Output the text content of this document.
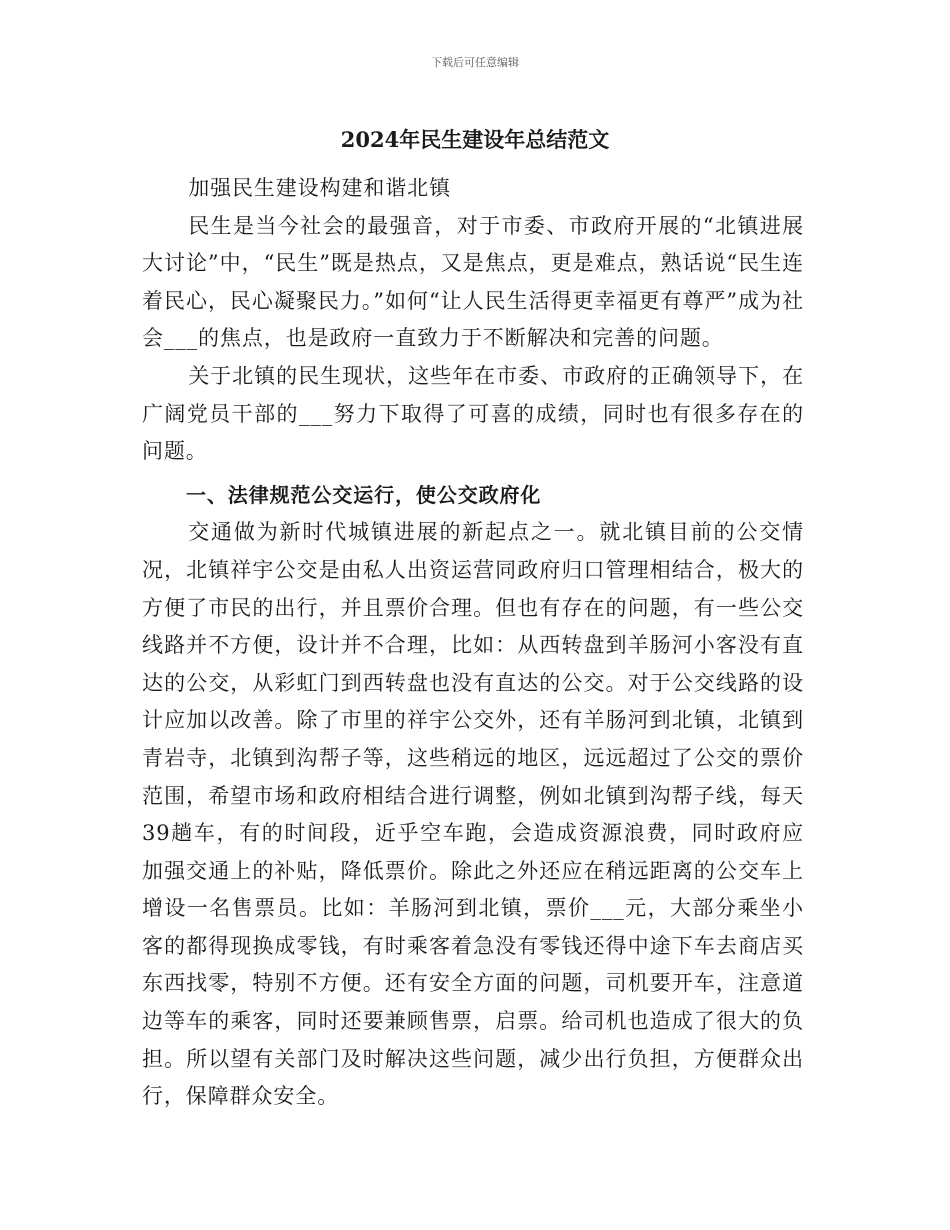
下载后可任意编辑
2024年民生建设年总结范文

加强民生建设构建和谐北镇

民生是当今社会的最强音，对于市委、市政府开展的“北镇进展大讨论”中，“民生”既是热点，又是焦点，更是难点，熟话说“民生连着民心，民心凝聚民力。”如何“让人民生活得更幸福更有尊严”成为社会___的焦点，也是政府一直致力于不断解决和完善的问题。

关于北镇的民生现状，这些年在市委、市政府的正确领导下，在广阔党员干部的___努力下取得了可喜的成绩，同时也有很多存在的问题。

一、法律规范公交运行，使公交政府化

交通做为新时代城镇进展的新起点之一。就北镇目前的公交情况，北镇祥宇公交是由私人出资运营同政府归口管理相结合，极大的方便了市民的出行，并且票价合理。但也有存在的问题，有一些公交线路并不方便，设计并不合理，比如：从西转盘到羊肠河小客没有直达的公交，从彩虹门到西转盘也没有直达的公交。对于公交线路的设计应加以改善。除了市里的祥宇公交外，还有羊肠河到北镇，北镇到青岩寺，北镇到沟帮子等，这些稍远的地区，远远超过了公交的票价范围，希望市场和政府相结合进行调整，例如北镇到沟帮子线，每天39趟车，有的时间段，近乎空车跑，会造成资源浪费，同时政府应加强交通上的补贴，降低票价。除此之外还应在稍远距离的公交车上增设一名售票员。比如：羊肠河到北镇，票价___元，大部分乘坐小客的都得现换成零钱，有时乘客着急没有零钱还得中途下车去商店买东西找零，特别不方便。还有安全方面的问题，司机要开车，注意道边等车的乘客，同时还要兼顾售票，启票。给司机也造成了很大的负担。所以望有关部门及时解决这些问题，减少出行负担，方便群众出行，保障群众安全。
